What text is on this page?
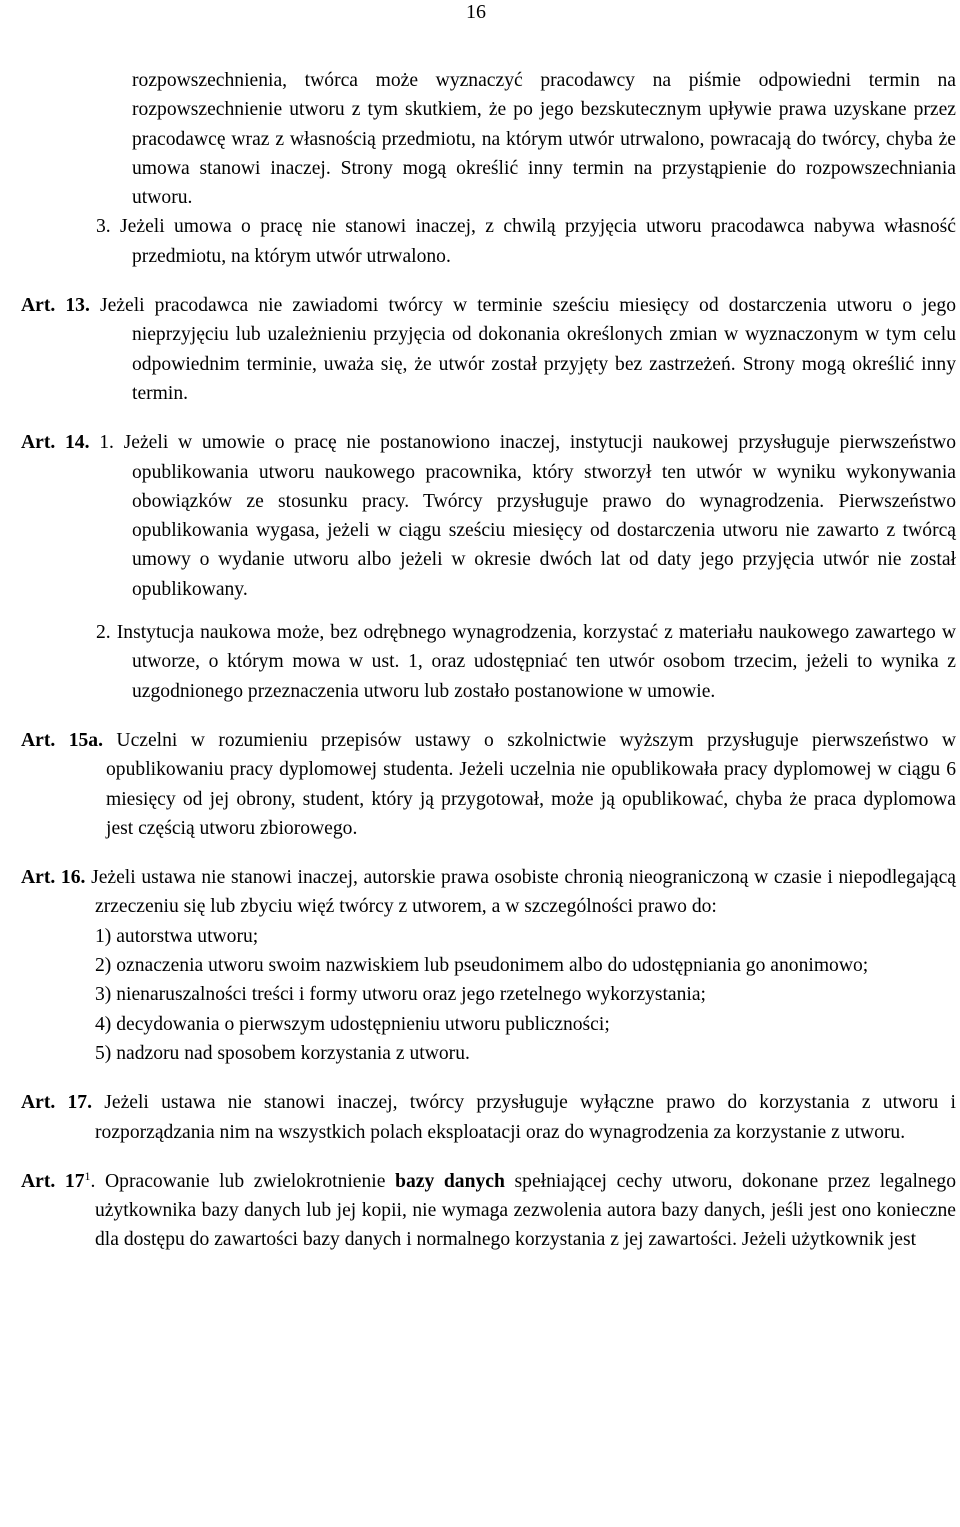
16

rozpowszechnienia, twórca może wyznaczyć pracodawcy na piśmie odpowiedni termin na rozpowszechnienie utworu z tym skutkiem, że po jego bezskutecznym upływie prawa uzyskane przez pracodawcę wraz z własnością przedmiotu, na którym utwór utrwalono, powracają do twórcy, chyba że umowa stanowi inaczej. Strony mogą określić inny termin na przystąpienie do rozpowszechniania utworu.

3. Jeżeli umowa o pracę nie stanowi inaczej, z chwilą przyjęcia utworu pracodawca nabywa własność przedmiotu, na którym utwór utrwalono.

Art. 13. Jeżeli pracodawca nie zawiadomi twórcy w terminie sześciu miesięcy od dostarczenia utworu o jego nieprzyjęciu lub uzależnieniu przyjęcia od dokonania określonych zmian w wyznaczonym w tym celu odpowiednim terminie, uważa się, że utwór został przyjęty bez zastrzeżeń. Strony mogą określić inny termin.

Art. 14. 1. Jeżeli w umowie o pracę nie postanowiono inaczej, instytucji naukowej przysługuje pierwszeństwo opublikowania utworu naukowego pracownika, który stworzył ten utwór w wyniku wykonywania obowiązków ze stosunku pracy. Twórcy przysługuje prawo do wynagrodzenia. Pierwszeństwo opublikowania wygasa, jeżeli w ciągu sześciu miesięcy od dostarczenia utworu nie zawarto z twórcą umowy o wydanie utworu albo jeżeli w okresie dwóch lat od daty jego przyjęcia utwór nie został opublikowany.

2. Instytucja naukowa może, bez odrębnego wynagrodzenia, korzystać z materiału naukowego zawartego w utworze, o którym mowa w ust. 1, oraz udostępniać ten utwór osobom trzecim, jeżeli to wynika z uzgodnionego przeznaczenia utworu lub zostało postanowione w umowie.

Art. 15a. Uczelni w rozumieniu przepisów ustawy o szkolnictwie wyższym przysługuje pierwszeństwo w opublikowaniu pracy dyplomowej studenta. Jeżeli uczelnia nie opublikowała pracy dyplomowej w ciągu 6 miesięcy od jej obrony, student, który ją przygotował, może ją opublikować, chyba że praca dyplomowa jest częścią utworu zbiorowego.

Art. 16. Jeżeli ustawa nie stanowi inaczej, autorskie prawa osobiste chronią nieograniczoną w czasie i niepodlegającą zrzeczeniu się lub zbyciu więź twórcy z utworem, a w szczególności prawo do:

1) autorstwa utworu;

2) oznaczenia utworu swoim nazwiskiem lub pseudonimem albo do udostępniania go anonimowo;

3) nienaruszalności treści i formy utworu oraz jego rzetelnego wykorzystania;

4) decydowania o pierwszym udostępnieniu utworu publiczności;

5) nadzoru nad sposobem korzystania z utworu.

Art. 17. Jeżeli ustawa nie stanowi inaczej, twórcy przysługuje wyłączne prawo do korzystania z utworu i rozporządzania nim na wszystkich polach eksploatacji oraz do wynagrodzenia za korzystanie z utworu.

Art. $17^1$. Opracowanie lub zwielokrotnienie bazy danych spełniającej cechy utworu, dokonane przez legalnego użytkownika bazy danych lub jej kopii, nie wymaga zezwolenia autora bazy danych, jeśli jest ono konieczne dla dostępu do zawartości bazy danych i normalnego korzystania z jej zawartości. Jeżeli użytkownik jest
